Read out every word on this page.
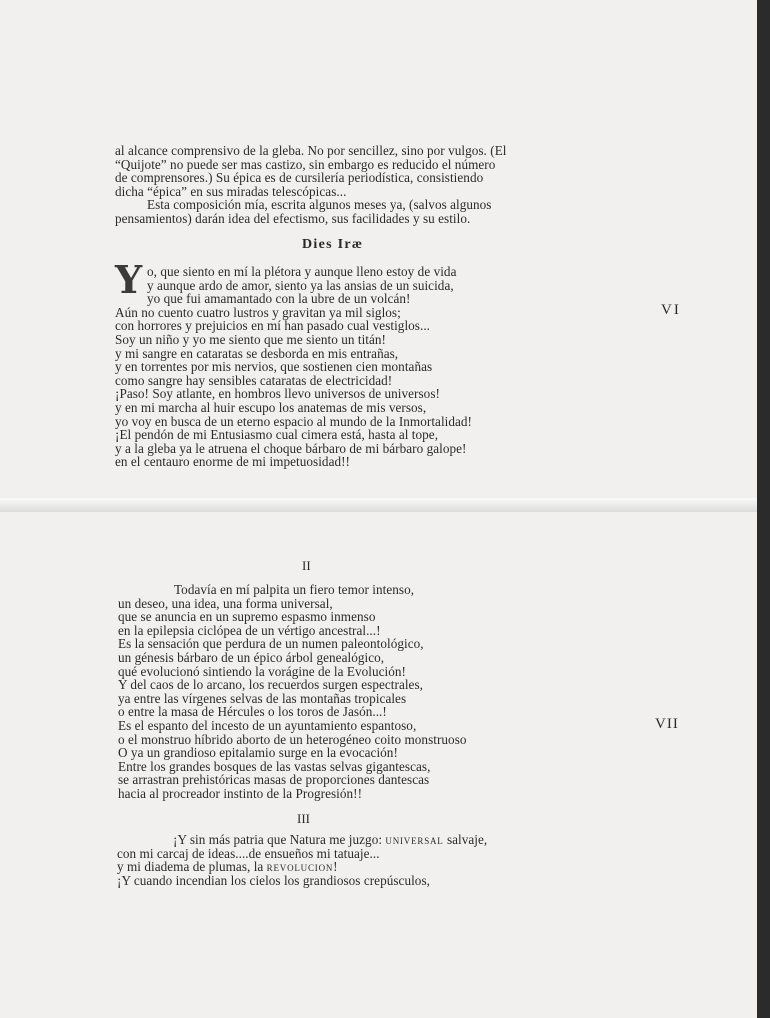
al alcance comprensivo de la gleba. No por sencillez, sino por vulgos. (El
“Quijote” no puede ser mas castizo, sin embargo es reducido el número
de comprensores.) Su épica es de cursilería periodística, consistiendo
dicha “épica” en sus miradas telescópicas...
Esta composición mía, escrita algunos meses ya, (salvos algunos
pensamientos) darán idea del efectismo, sus facilidades y su estilo.
Dies Iræ
Y o, que siento en mí la plétora y aunque lleno estoy de vida
y aunque ardo de amor, siento ya las ansias de un suicida,
yo que fui amamantado con la ubre de un volcán!
Aún no cuento cuatro lustros y gravitan ya mil siglos;
con horrores y prejuicios en mí han pasado cual vestiglos...
Soy un niño y yo me siento que me siento un titán!
y mi sangre en cataratas se desborda en mis entrañas,
y en torrentes por mis nervios, que sostienen cien montañas
como sangre hay sensibles cataratas de electricidad!
¡Paso! Soy atlante, en hombros llevo universos de universos!
y en mi marcha al huir escupo los anatemas de mis versos,
yo voy en busca de un eterno espacio al mundo de la Inmortalidad!
¡El pendón de mi Entusiasmo cual cimera está, hasta al tope,
y a la gleba ya le atruena el choque bárbaro de mi bárbaro galope!
en el centauro enorme de mi impetuosidad!!
VI
II
Todavía en mí palpita un fiero temor intenso,
un deseo, una idea, una forma universal,
que se anuncia en un supremo espasmo inmenso
en la epilepsia ciclópea de un vértigo ancestral...!
Es la sensación que perdura de un numen paleontológico,
un génesis bárbaro de un épico árbol genealógico,
qué evolucionó sintiendo la vorágine de la Evolución!
Y del caos de lo arcano, los recuerdos surgen espectrales,
ya entre las vírgenes selvas de las montañas tropicales
o entre la masa de Hércules o los toros de Jasón...!
Es el espanto del incesto de un ayuntamiento espantoso,
o el monstruo híbrido aborto de un heterogéneo coito monstruoso
O ya un grandioso epitalamio surge en la evocación!
Entre los grandes bosques de las vastas selvas gigantescas,
se arrastran prehistóricas masas de proporciones dantescas
hacia al procreador instinto de la Progresión!!
VII
III
¡Y sin más patria que Natura me juzgo: universal salvaje,
con mi carcaj de ideas....de ensueños mi tatuaje...
y mi diadema de plumas, la revolucion!
¡Y cuando incendian los cielos los grandiosos crepúsculos,
